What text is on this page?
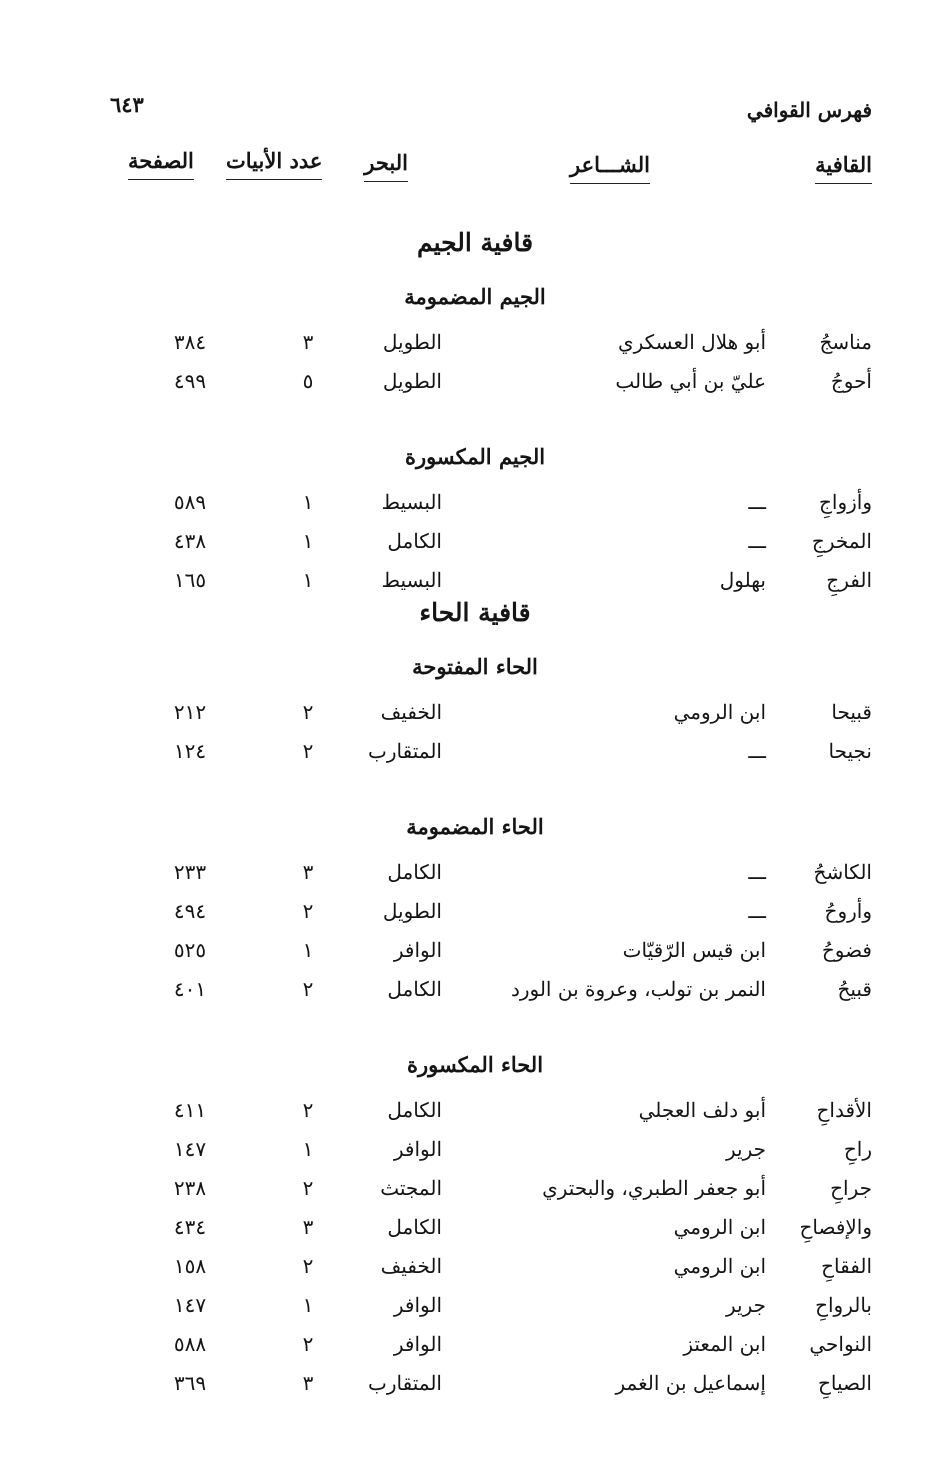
فهرس القوافي
٦٤٣
القافية
الشـــاعر
البحر
عدد الأبيات
الصفحة
قافية الجيم
الجيم المضمومة
مناسجُ
أبو هلال العسكري
الطويل
٣
٣٨٤
أحوجُ
عليّ بن أبي طالب
الطويل
٥
٤٩٩
الجيم المكسورة
وأزواجِ
ـــ
البسيط
١
٥٨٩
المخرجِ
ـــ
الكامل
١
٤٣٨
الفرجِ
بهلول
البسيط
١
١٦٥
قافية الحاء
الحاء المفتوحة
قبيحا
ابن الرومي
الخفيف
٢
٢١٢
نجيحا
ـــ
المتقارب
٢
١٢٤
الحاء المضمومة
الكاشحُ
ـــ
الكامل
٣
٢٣٣
وأروحُ
ـــ
الطويل
٢
٤٩٤
فضوحُ
ابن قيس الرّقيّات
الوافر
١
٥٢٥
قبيحُ
النمر بن تولب، وعروة بن الورد
الكامل
٢
٤٠١
الحاء المكسورة
الأقداحِ
أبو دلف العجلي
الكامل
٢
٤١١
راحِ
جرير
الوافر
١
١٤٧
جراحِ
أبو جعفر الطبري، والبحتري
المجتث
٢
٢٣٨
والإفصاحِ
ابن الرومي
الكامل
٣
٤٣٤
الفقاحِ
ابن الرومي
الخفيف
٢
١٥٨
بالرواحِ
جرير
الوافر
١
١٤٧
النواحي
ابن المعتز
الوافر
٢
٥٨٨
الصياحِ
إسماعيل بن الغمر
المتقارب
٣
٣٦٩
